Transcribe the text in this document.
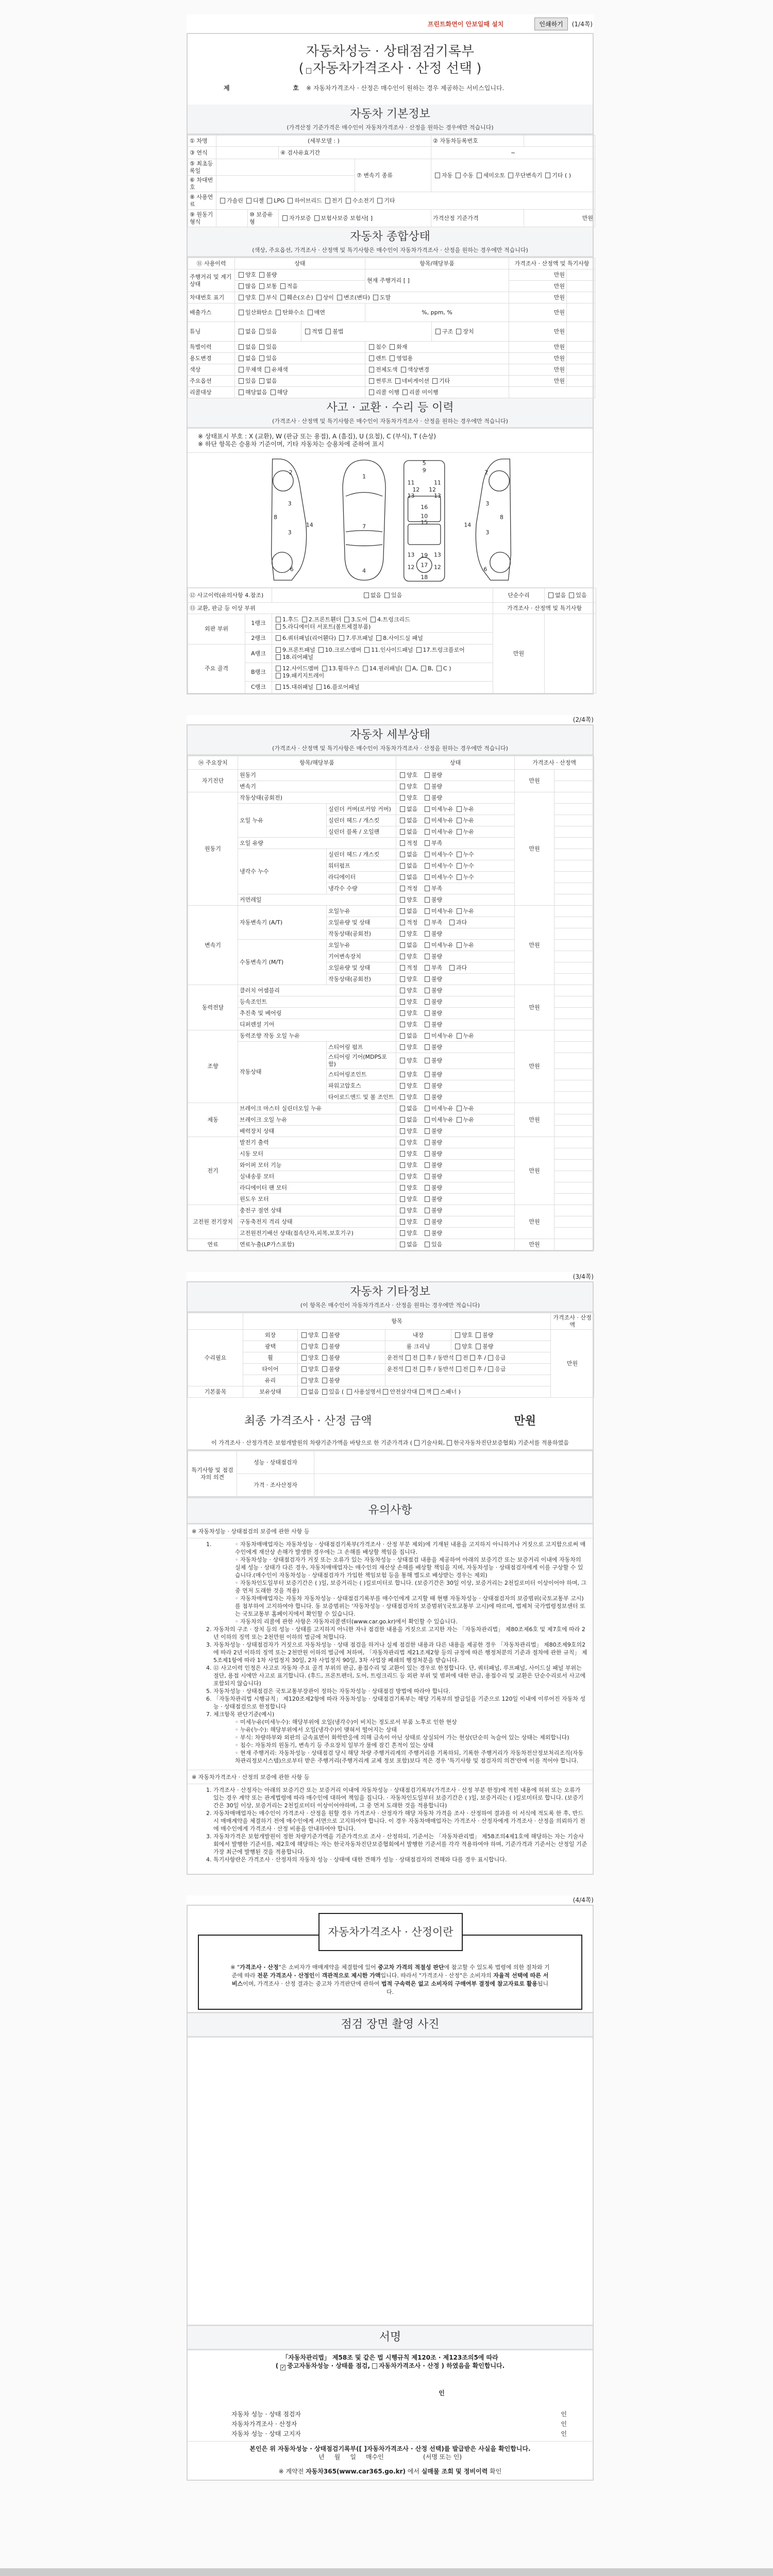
프린트화면이 안보일때 설치	인쇄하기	(1/4쪽)
자동차성능 · 상태점검기록부
( 자동차가격조사 · 산정 선택 )
제	호	※ 자동차가격조사 · 산정은 매수인이 원하는 경우 제공하는 서비스입니다.
자동차 기본정보

(가격산정 기준가격은 매수인이 자동차가격조사 · 산정을 원하는 경우에만 적습니다)

① 차명	(세부모델 : )				② 자동차등록번호	
③ 연식			④ 검사유효기간		~	
⑤ 최초등록일				⑦ 변속기 종류	자동 수동 세미오토 무단변속기 기타 ( )	
⑥ 차대번호						
⑧ 사용연료	가솔린 디젤 LPG 하이브리드 전기 수소전기 기타					
⑨ 원동기형식		⑩ 보증유형	자가보증 보험사보증 보험사[ ]		가격산정 기준가격	만원
자동차 종합상태

(색상, 주요옵션, 가격조사 · 산정액 및 특기사항은 매수인이 자동차가격조사 · 산정을 원하는 경우에만 적습니다)

⑪ 사용이력	상태		항목/해당부품		가격조사 · 산정액 및 특기사항	
주행거리 및 계기상태	양호 불량		현재 주행거리 [ ]		만원	
	많음 보통 적음				만원	
차대번호 표기	양호 부식 훼손(오손) 상이 변조(변타) 도말				만원	
배출가스	일산화탄소 탄화수소 매연		%, ppm, %		만원	
튜닝	없음 있음	적법 불법		구조 장치	만원	
특별이력	없음 있음		침수 화재		만원	
용도변경	없음 있음		렌트 영업용		만원	
색상	무채색 유채색		전체도색 색상변경		만원	
주요옵션	있음 없음		썬루프 네비게이션 기타		만원	
리콜대상	해당없음 해당		리콜 이행 리콜 미이행			
사고 · 교환 · 수리 등 이력

(가격조사 · 산정액 및 특기사항은 매수인이 자동차가격조사 · 산정을 원하는 경우에만 적습니다)

※ 상태표시 부호 : X (교환), W (판금 또는 용접), A (흠집), U (요철), C (부식), T (손상)
※ 하단 항목은 승용차 기준이며, 기타 자동차는 승용차에 준하여 표시
2	2
3	3
3	3
8	8
14	14
6	6
1
7
4
5
9
11	11
12 12
13	13
10
15
16
19
13	13
17
12	12
18
⑫ 사고이력(유의사항 4.참조)		없음 있음	단순수리	없음 있음
⑬ 교환, 판금 등 이상 부위			가격조사 · 산정액 및 특기사항	
외판 부위	1랭크	1.후드 2.프론트휀더 3.도어 4.트렁크리드5.라디에이터 서포트(볼트체결부품)	만원	
	2랭크	6.쿼터패널(리어휀다) 7.루프패널 8.사이드실 패널		
주요 골격	A랭크	9.프론트패널 10.크로스멤버 11.인사이드패널 17.트렁크플로어18.리어패널		
	B랭크	12.사이드멤버 13.휠하우스 14.필러패널( A, B, C )19.패키지트레이		
	C랭크	15.대쉬패널 16.플로어패널		
(2/4쪽)
자동차 세부상태

(가격조사 · 산정액 및 특기사항은 매수인이 자동차가격조사 · 산정을 원하는 경우에만 적습니다)

⑭ 주요장치	항목/해당부품		상태	가격조사 · 산정액	
자기진단	원동기		양호 불량	만원	
	변속기		양호 불량		
원동기	작동상태(공회전)		양호 불량	만원	
	오일 누유	실린더 커버(로커암 커버)	없음 미세누유 누유		
		실린더 헤드 / 개스킷	없음 미세누유 누유		
		실린더 블록 / 오일팬	없음 미세누유 누유		
	오일 유량		적정 부족		
	냉각수 누수	실린더 헤드 / 개스킷	없음 미세누수 누수		
		워터펌프	없음 미세누수 누수		
		라디에이터	없음 미세누수 누수		
		냉각수 수량	적정 부족		
	커먼레일		양호 불량		
변속기	자동변속기 (A/T)	오일누유	없음 미세누유 누유	만원	
		오일유량 및 상태	적정 부족 과다		
		작동상태(공회전)	양호 불량		
	수동변속기 (M/T)	오일누유	없음 미세누유 누유		
		기어변속장치	양호 불량		
		오일유량 및 상태	적정 부족 과다		
		작동상태(공회전)	양호 불량		
동력전달	클러치 어셈블리		양호 불량	만원	
	등속조인트		양호 불량		
	추진축 및 베어링		양호 불량		
	디퍼렌셜 기어		양호 불량		
조향	동력조향 작동 오일 누유		없음 미세누유 누유	만원	
	작동상태	스티어링 펌프	양호 불량		
		스티어링 기어(MDPS포함)	양호 불량		
		스티어링조인트	양호 불량		
		파워고압호스	양호 불량		
		타이로드엔드 및 볼 조인트	양호 불량		
제동	브레이크 마스터 실린더오일 누유		없음 미세누유 누유	만원	
	브레이크 오일 누유		없음 미세누유 누유		
	배력장치 상태		양호 불량		
전기	발전기 출력		양호 불량	만원	
	시동 모터		양호 불량		
	와이퍼 모터 기능		양호 불량		
	실내송풍 모터		양호 불량		
	라디에이터 팬 모터		양호 불량		
	윈도우 모터		양호 불량		
고전원 전기장치	충전구 절연 상태		양호 불량	만원	
	구동축전지 격리 상태		양호 불량		
	고전원전기배선 상태(접속단자,피복,보호기구)		양호 불량		
연료	연료누출(LP가스포함)		없음 있음	만원	
(3/4쪽)
자동차 기타정보

(이 항목은 매수인이 자동차가격조사 · 산정을 원하는 경우에만 적습니다)

	항목				가격조사 · 산정액
수리필요	외장	양호 불량	내장	양호 불량	만원
	광택	양호 불량	룸 크리닝	양호 불량	
	휠	양호 불량	운전석 전 후 / 동반석 전 후 / 응급		
	타이어	양호 불량	운전석 전 후 / 동반석 전 후 / 응급		
	유리	양호 불량			
기본품목	보유상태	없음 있음 ( 사용설명서 안전삼각대 잭 스패너 )			
최종 가격조사 · 산정 금액	만원
이 가격조사 · 산정가격은 보험개발원의 차량기준가액을 바탕으로 한 기준가격과 ( 기술사회, 한국자동차진단보증협회) 기준서를 적용하였음
특기사항 및 점검자의 의견	성능 · 상태점검자	
	가격 · 조사산정자	
유의사항
※ 자동차성능 · 상태점검의 보증에 관한 사항 등
◦ 1. 자동차매매업자는 자동차성능 · 상태점검기록부(가격조사 · 산정 부분 제외)에 기재된 내용을 고지하지 아니하거나 거짓으로 고지함으로써 매수인에게 재산상 손해가 발생한 경우에는 그 손해를 배상할 책임을 집니다.
◦ 자동차성능 · 상태점검자가 거짓 또는 오류가 있는 자동차성능 · 상태점검 내용을 제공하여 아래의 보증기간 또는 보증거리 이내에 자동차의 실제 성능 · 상태가 다른 경우, 자동차매매업자는 매수인의 재산상 손해를 배상할 책임을 지며, 자동차성능 · 상태점검자에게 이를 구상할 수 있습니다.(매수인이 자동차성능 · 상태점검자가 가입한 책임보험 등을 통해 별도로 배상받는 경우는 제외)
◦ 자동차인도일부터 보증기간은 ( )일, 보증거리는 ( )킬로미터로 합니다. (보증기간은 30일 이상, 보증거리는 2천킬로미터 이상이어야 하며, 그 중 먼저 도래한 것을 적용)
◦ 자동차매매업자는 자동차 자동차성능 · 상태점검기록부를 매수인에게 고지할 때 현행 자동차성능 · 상태점검자의 보증범위(국토교통부 고시)를 첨부하여 고지하여야 합니다. 동 보증범위는 '자동차성능 · 상태점검자의 보증범위'(국토교통부 고시)에 따르며, 법제처 국가법령정보센터 또는 국토교통부 홈페이지에서 확인할 수 있습니다.
◦ 자동차의 리콜에 관한 사항은 자동차리콜센터(www.car.go.kr)에서 확인할 수 있습니다.
2. 자동차의 구조 · 장치 등의 성능 · 상태를 고지하지 아니한 자나 점검한 내용을 거짓으로 고지한 자는 「자동차관리법」 제80조제6호 및 제7호에 따라 2년 이하의 징역 또는 2천만원 이하의 벌금에 처합니다.
3. 자동차성능 · 상태점검자가 거짓으로 자동차성능 · 상태 점검을 하거나 실제 점검한 내용과 다른 내용을 제공한 경우 「자동차관리법」 제80조제9호의2에 따라 2년 이하의 징역 또는 2천만원 이하의 벌금에 처하며, 「자동차관리법 제21조제2항 등의 규정에 따른 행정처분의 기준과 절차에 관한 규칙」 제5조제1항에 따라 1차 사업정지 30일, 2차 사업정지 90일, 3차 사업장 폐쇄의 행정처분을 받습니다.
4. ⑫ 사고이력 인정은 사고로 자동차 주요 골격 부위의 판금, 용접수리 및 교환이 있는 경우로 한정합니다. 단, 쿼터패널, 루프패널, 사이드실 패널 부위는 절단, 용접 시에만 사고로 표기합니다. (후드, 프론트펜더, 도어, 트렁크리드 등 외판 부위 및 범퍼에 대한 판금, 용접수리 및 교환은 단순수리로서 사고에 포함되지 않습니다)
5. 자동차성능 · 상태점검은 국토교통부장관이 정하는 자동차성능 · 상태점검 방법에 따라야 합니다.
6. 「자동차관리법 시행규칙」 제120조제2항에 따라 자동차성능 · 상태점검기록부는 해당 기록부의 발급일을 기준으로 120일 이내에 이루어진 자동차 성능 · 상태점검으로 한정합니다
7. 체크항목 판단기준(예시)
◦ 미세누유(미세누수): 해당부위에 오일(냉각수)이 비치는 정도로서 부품 노후로 인한 현상
◦ 누유(누수): 해당부위에서 오일(냉각수)이 맺혀서 떨어지는 상태
◦ 부식: 차량하부와 외판의 금속표면이 화학반응에 의해 금속이 아닌 상태로 상실되어 가는 현상(단순히 녹슬어 있는 상태는 제외합니다)
◦ 침수: 자동차의 원동기, 변속기 등 주요장치 일부가 물에 잠긴 흔적이 있는 상태
◦ 현재 주행거리: 자동차성능 · 상태점검 당시 해당 차량 주행거리계의 주행거리를 기록하되, 기록한 주행거리가 자동차전산정보처리조직(자동차관리정보시스템)으로부터 받은 주행거리(주행거리계 교체 정보 포함)보다 적은 경우 '특기사항 및 점검자의 의견'란에 이를 적어야 합니다.
※ 자동차가격조사 · 산정의 보증에 관한 사항 등
1. 가격조사 · 산정자는 아래의 보증기간 또는 보증거리 이내에 자동차성능 · 상태점검기록부(가격조사 · 산정 부분 한정)에 적힌 내용에 허위 또는 오류가 있는 경우 계약 또는 관계법령에 따라 매수인에 대하여 책임을 집니다. · 자동차인도일부터 보증기간은 ( )일, 보증거리는 ( )킬로미터로 합니다. (보증기간은 30일 이상, 보증거리는 2천킬로미터 이상이어야하며, 그 중 먼저 도래한 것을 적용합니다)
2. 자동차매매업자는 매수인이 가격조사 · 산정을 원할 경우 가격조사 · 산정자가 해당 자동차 가격을 조사 · 산정하여 결과를 이 서식에 적도록 한 후, 반드시 매매계약을 체결하기 전에 매수인에게 서면으로 고지하여야 합니다. 이 경우 자동차매매업자는 가격조사 · 산정자에게 가격조사 · 산정을 의뢰하기 전에 매수인에게 가격조사 · 산정 비용을 안내하여야 합니다.
3. 자동차가격은 보험개발원이 정한 차량기준가액을 기준가격으로 조사 · 산정하되, 기준서는 「자동차관리법」 제58조의4제1호에 해당하는 자는 기술사회에서 발행한 기준서를, 제2호에 해당하는 자는 한국자동차진단보증협회에서 발행한 기준서를 각각 적용하여야 하며, 기준가격과 기준서는 산정일 기준 가장 최근에 발행된 것을 적용합니다.
4. 특기사항란은 가격조사 · 산정자의 자동차 성능 · 상태에 대한 견해가 성능 · 상태점검자의 견해와 다를 경우 표시합니다.
(4/4쪽)
자동차가격조사 · 산정이란
※ "가격조사 · 산정"은 소비자가 매매계약을 체결함에 있어 중고차 가격의 적절성 판단에 참고할 수 있도록 법령에 의한 절차와 기준에 따라 전문 가격조사 · 산정인이 객관적으로 제시한 가액입니다. 따라서 "가격조사 · 산정"은 소비자의 자율적 선택에 따른 서비스이며, 가격조사 · 산정 결과는 중고차 가격판단에 관하여 법적 구속력은 없고 소비자의 구매여부 결정에 참고자료로 활용됩니다.
점검 장면 촬영 사진
서명
「자동차관리법」 제58조 및 같은 법 시행규칙 제120조 · 제123조의5에 따라
( ✓ 중고자동차성능 · 상태를 점검, 자동차가격조사 · 산정 ) 하였음을 확인합니다.
인
자동차 성능 · 상태 점검자	인
자동차가격조사 · 산정자	인
자동차 성능 · 상태 고지자	인
본인은 위 자동차성능 · 상태점검기록부([ ]자동차가격조사 · 산정 선택)를 발급받은 사실을 확인합니다.
년     월     일     매수인                    (서명 또는 인)
※ 계약전 자동차365(www.car365.go.kr) 에서 실매물 조회 및 정비이력 확인
